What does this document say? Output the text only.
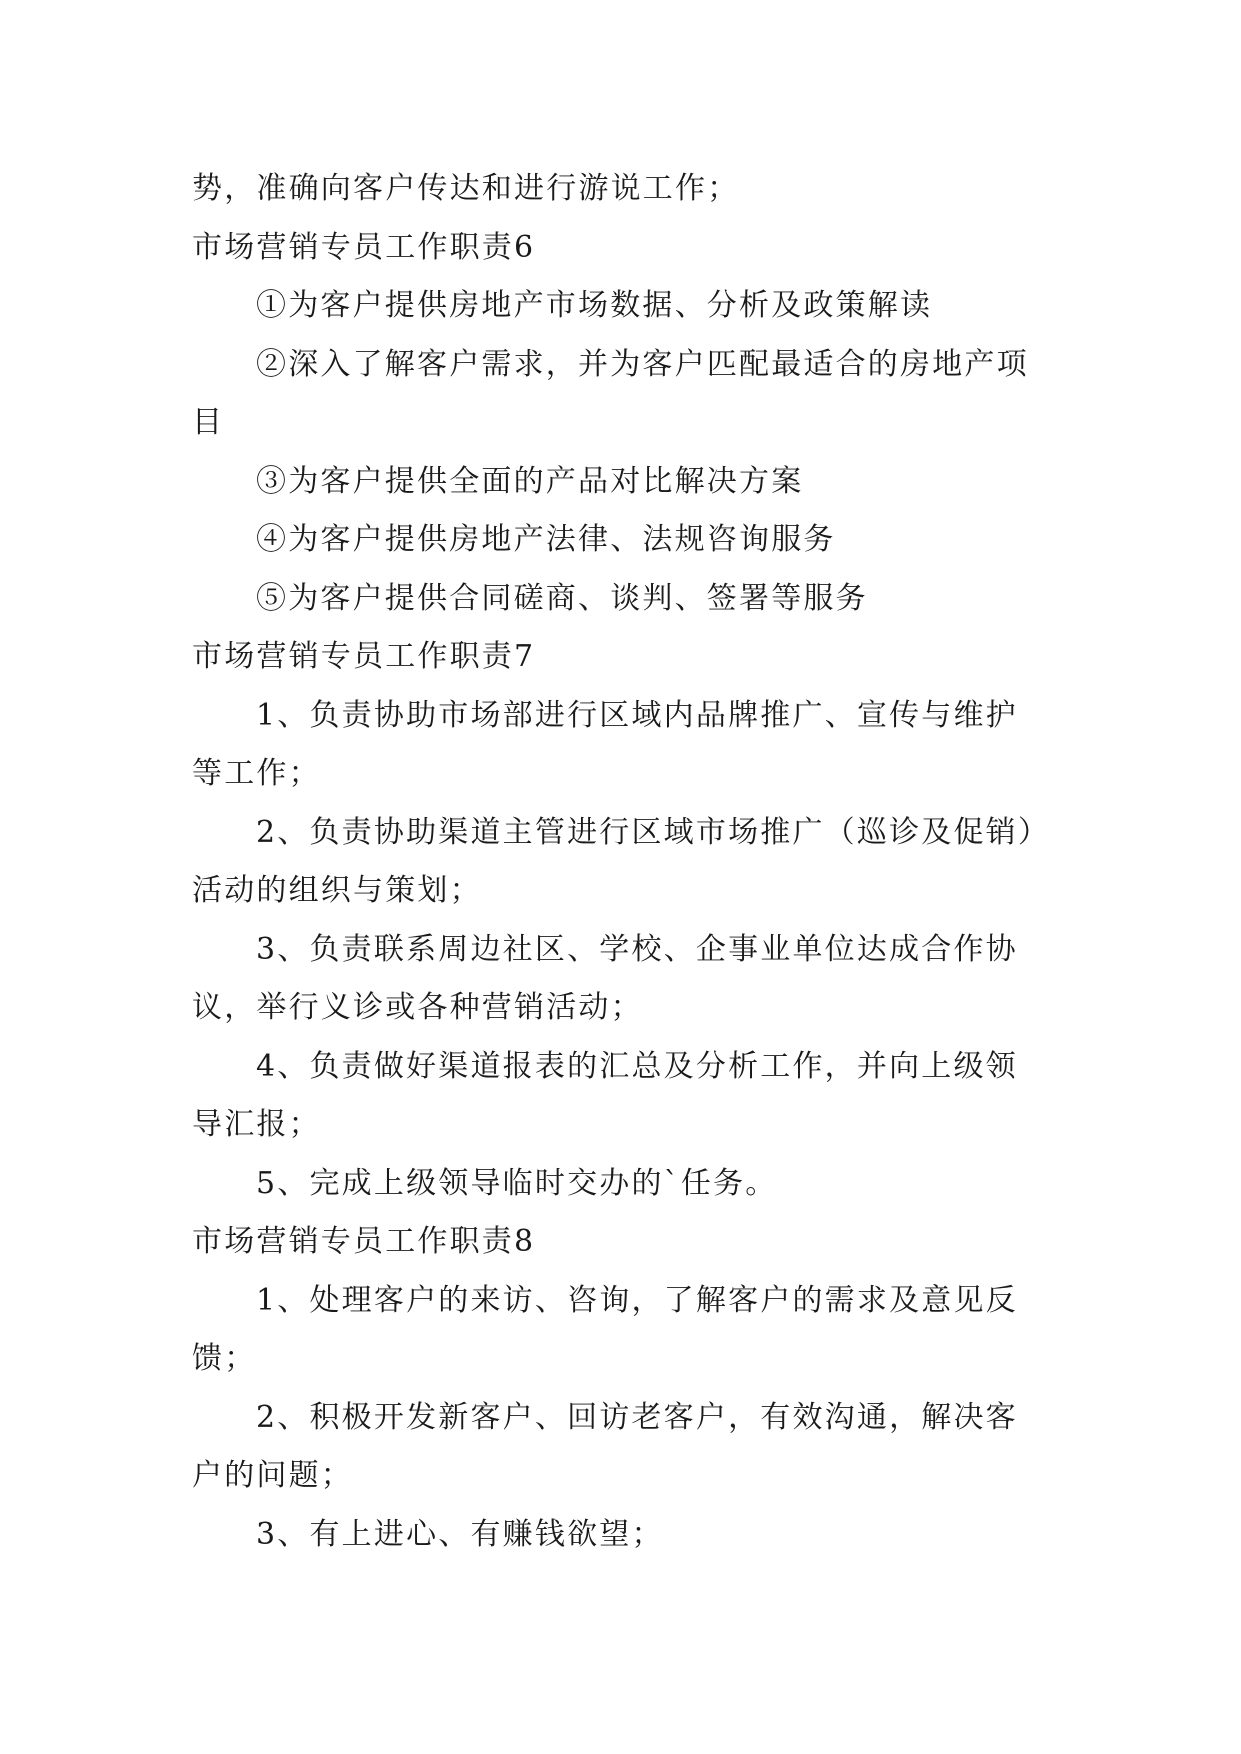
势，准确向客户传达和进行游说工作；

市场营销专员工作职责6

①为客户提供房地产市场数据、分析及政策解读

②深入了解客户需求，并为客户匹配最适合的房地产项

目

③为客户提供全面的产品对比解决方案

④为客户提供房地产法律、法规咨询服务

⑤为客户提供合同磋商、谈判、签署等服务

市场营销专员工作职责7

1、负责协助市场部进行区域内品牌推广、宣传与维护

等工作；

2、负责协助渠道主管进行区域市场推广（巡诊及促销）

活动的组织与策划；

3、负责联系周边社区、学校、企事业单位达成合作协

议，举行义诊或各种营销活动；

4、负责做好渠道报表的汇总及分析工作，并向上级领

导汇报；

5、完成上级领导临时交办的`任务。

市场营销专员工作职责8

1、处理客户的来访、咨询，了解客户的需求及意见反

馈；

2、积极开发新客户、回访老客户，有效沟通，解决客

户的问题；

3、有上进心、有赚钱欲望；
